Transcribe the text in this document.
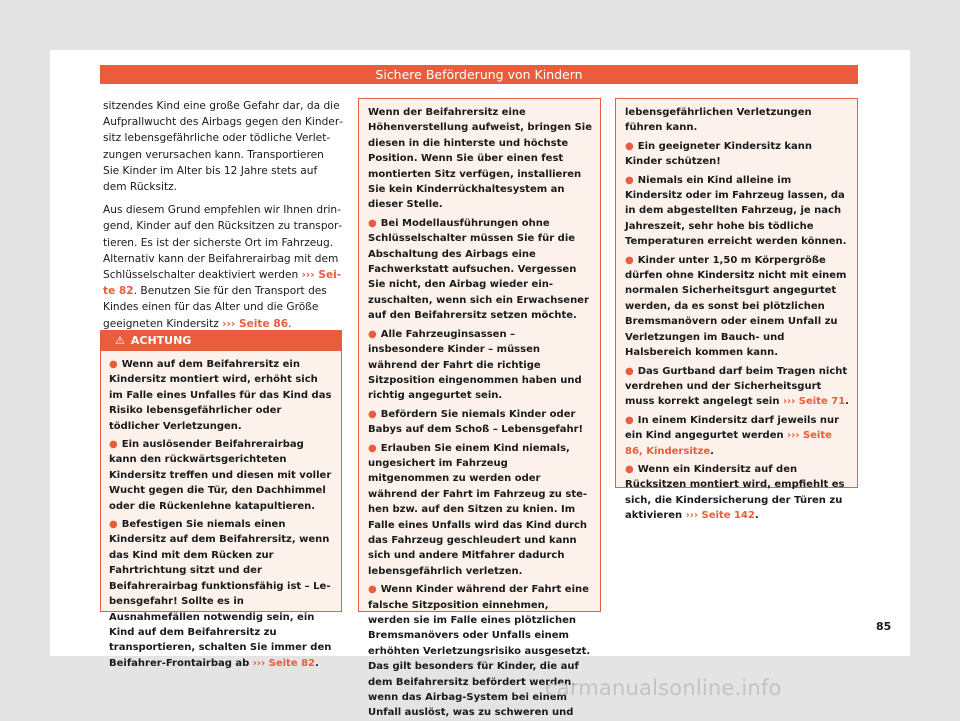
Sichere Beförderung von Kindern

sitzendes Kind eine große Gefahr dar, da die Aufprallwucht des Airbags gegen den Kindersitz lebensgefährliche oder tödliche Verletzungen verursachen kann. Transportieren Sie Kinder im Alter bis 12 Jahre stets auf dem Rücksitz.

Aus diesem Grund empfehlen wir Ihnen dringend, Kinder auf den Rücksitzen zu transportieren. Es ist der sicherste Ort im Fahrzeug. Alternativ kann der Beifahrerairbag mit dem Schlüsselschalter deaktiviert werden ››› Seite 82. Benutzen Sie für den Transport des Kindes einen für das Alter und die Größe geeigneten Kindersitz ››› Seite 86.

⚠ ACHTUNG

● Wenn auf dem Beifahrersitz ein Kindersitz montiert wird, erhöht sich im Falle eines Unfalles für das Kind das Risiko lebensgefährlicher oder tödlicher Verletzungen.

● Ein auslösender Beifahrerairbag kann den rückwärtsgerichteten Kindersitz treffen und diesen mit voller Wucht gegen die Tür, den Dachhimmel oder die Rückenlehne katapultieren.

● Befestigen Sie niemals einen Kindersitz auf dem Beifahrersitz, wenn das Kind mit dem Rücken zur Fahrtrichtung sitzt und der Beifahrerairbag funktionsfähig ist – Lebensgefahr! Sollte es in Ausnahmefällen notwendig sein, ein Kind auf dem Beifahrersitz zu transportieren, schalten Sie immer den Beifahrer-Frontairbag ab ››› Seite 82.

Wenn der Beifahrersitz eine Höhenverstellung aufweist, bringen Sie diesen in die hinterste und höchste Position. Wenn Sie über einen fest montierten Sitz verfügen, installieren Sie kein Kinderrückhaltesystem an dieser Stelle.

● Bei Modellausführungen ohne Schlüsselschalter müssen Sie für die Abschaltung des Airbags eine Fachwerkstatt aufsuchen. Vergessen Sie nicht, den Airbag wieder einzuschalten, wenn sich ein Erwachsener auf den Beifahrersitz setzen möchte.

● Alle Fahrzeuginsassen – insbesondere Kinder – müssen während der Fahrt die richtige Sitzposition eingenommen haben und richtig angegurtet sein.

● Befördern Sie niemals Kinder oder Babys auf dem Schoß – Lebensgefahr!

● Erlauben Sie einem Kind niemals, ungesichert im Fahrzeug mitgenommen zu werden oder während der Fahrt im Fahrzeug zu stehen bzw. auf den Sitzen zu knien. Im Falle eines Unfalls wird das Kind durch das Fahrzeug geschleudert und kann sich und andere Mitfahrer dadurch lebensgefährlich verletzen.

● Wenn Kinder während der Fahrt eine falsche Sitzposition einnehmen, werden sie im Falle eines plötzlichen Bremsmanövers oder Unfalls einem erhöhten Verletzungsrisiko ausgesetzt. Das gilt besonders für Kinder, die auf dem Beifahrersitz befördert werden, wenn das Airbag-System bei einem Unfall auslöst, was zu schweren und

lebensgefährlichen Verletzungen führen kann.

● Ein geeigneter Kindersitz kann Kinder schützen!

● Niemals ein Kind alleine im Kindersitz oder im Fahrzeug lassen, da in dem abgestellten Fahrzeug, je nach Jahreszeit, sehr hohe bis tödliche Temperaturen erreicht werden können.

● Kinder unter 1,50 m Körpergröße dürfen ohne Kindersitz nicht mit einem normalen Sicherheitsgurt angegurtet werden, da es sonst bei plötzlichen Bremsmanövern oder einem Unfall zu Verletzungen im Bauch- und Halsbereich kommen kann.

● Das Gurtband darf beim Tragen nicht verdrehen und der Sicherheitsgurt muss korrekt angelegt sein ››› Seite 71.

● In einem Kindersitz darf jeweils nur ein Kind angegurtet werden ››› Seite 86, Kindersitze.

● Wenn ein Kindersitz auf den Rücksitzen montiert wird, empfiehlt es sich, die Kindersicherung der Türen zu aktivieren ››› Seite 142.

85
carmanualsonline.info
